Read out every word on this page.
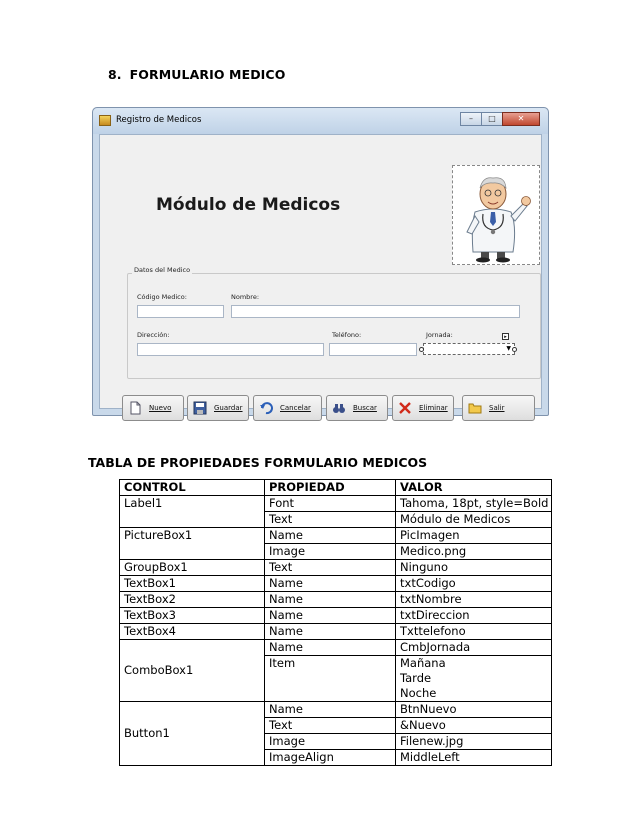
8. FORMULARIO MEDICO
Registro de Medicos	–	□	✕
Módulo de Medicos
Datos del Medico
Código Medico:	Nombre:
Dirección:	Teléfono:	Jornada:
▼
▸
Nuevo	Guardar	Cancelar	Buscar	Eliminar	Salir
TABLA DE PROPIEDADES FORMULARIO MEDICOS
CONTROL	PROPIEDAD	VALOR
Label1	Font	Tahoma, 18pt, style=Bold
	Text	Módulo de Medicos
PictureBox1	Name	PicImagen
	Image	Medico.png
GroupBox1	Text	Ninguno
TextBox1	Name	txtCodigo
TextBox2	Name	txtNombre
TextBox3	Name	txtDireccion
TextBox4	Name	Txttelefono
ComboBox1	Name	CmbJornada
	Item	Mañana
Tarde
Noche

Button1	Name	BtnNuevo
	Text	&Nuevo
	Image	Filenew.jpg
	ImageAlign	MiddleLeft
